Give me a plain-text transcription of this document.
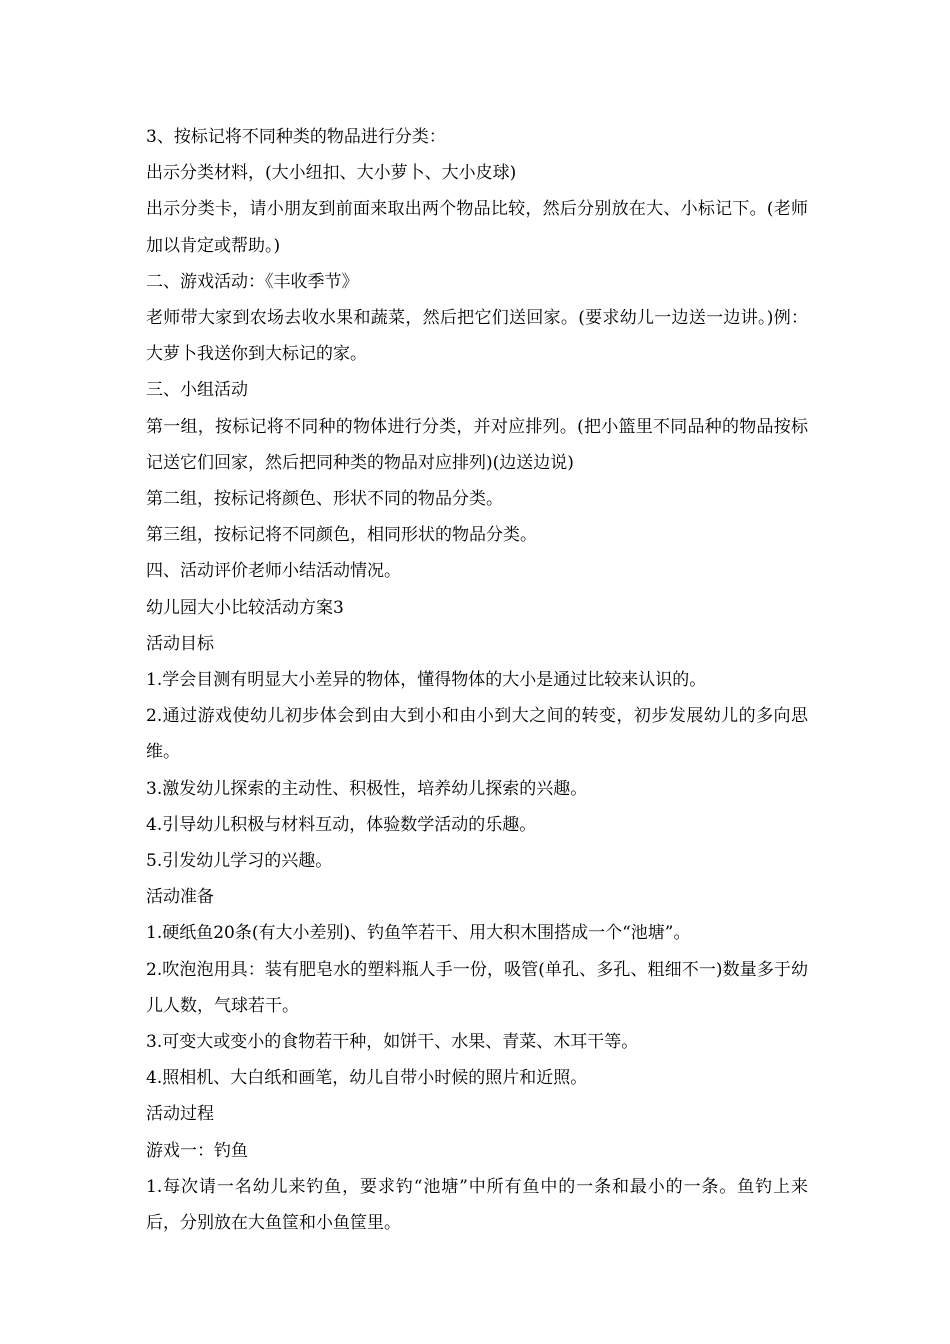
3、按标记将不同种类的物品进行分类：

出示分类材料，(大小纽扣、大小萝卜、大小皮球)

出示分类卡，请小朋友到前面来取出两个物品比较，然后分别放在大、小标记下。(老师加以肯定或帮助。)

二、游戏活动：《丰收季节》

老师带大家到农场去收水果和蔬菜，然后把它们送回家。(要求幼儿一边送一边讲。)例：大萝卜我送你到大标记的家。

三、小组活动

第一组，按标记将不同种的物体进行分类，并对应排列。(把小篮里不同品种的物品按标记送它们回家，然后把同种类的物品对应排列)(边送边说)

第二组，按标记将颜色、形状不同的物品分类。

第三组，按标记将不同颜色，相同形状的物品分类。

四、活动评价老师小结活动情况。

幼儿园大小比较活动方案3

活动目标

1.学会目测有明显大小差异的物体，懂得物体的大小是通过比较来认识的。

2.通过游戏使幼儿初步体会到由大到小和由小到大之间的转变，初步发展幼儿的多向思维。

3.激发幼儿探索的主动性、积极性，培养幼儿探索的兴趣。

4.引导幼儿积极与材料互动，体验数学活动的乐趣。

5.引发幼儿学习的兴趣。

活动准备

1.硬纸鱼20条(有大小差别)、钓鱼竿若干、用大积木围搭成一个“池塘”。

2.吹泡泡用具：装有肥皂水的塑料瓶人手一份，吸管(单孔、多孔、粗细不一)数量多于幼儿人数，气球若干。

3.可变大或变小的食物若干种，如饼干、水果、青菜、木耳干等。

4.照相机、大白纸和画笔，幼儿自带小时候的照片和近照。

活动过程

游戏一：钓鱼

1.每次请一名幼儿来钓鱼，要求钓“池塘”中所有鱼中的一条和最小的一条。鱼钓上来后，分别放在大鱼筐和小鱼筐里。
